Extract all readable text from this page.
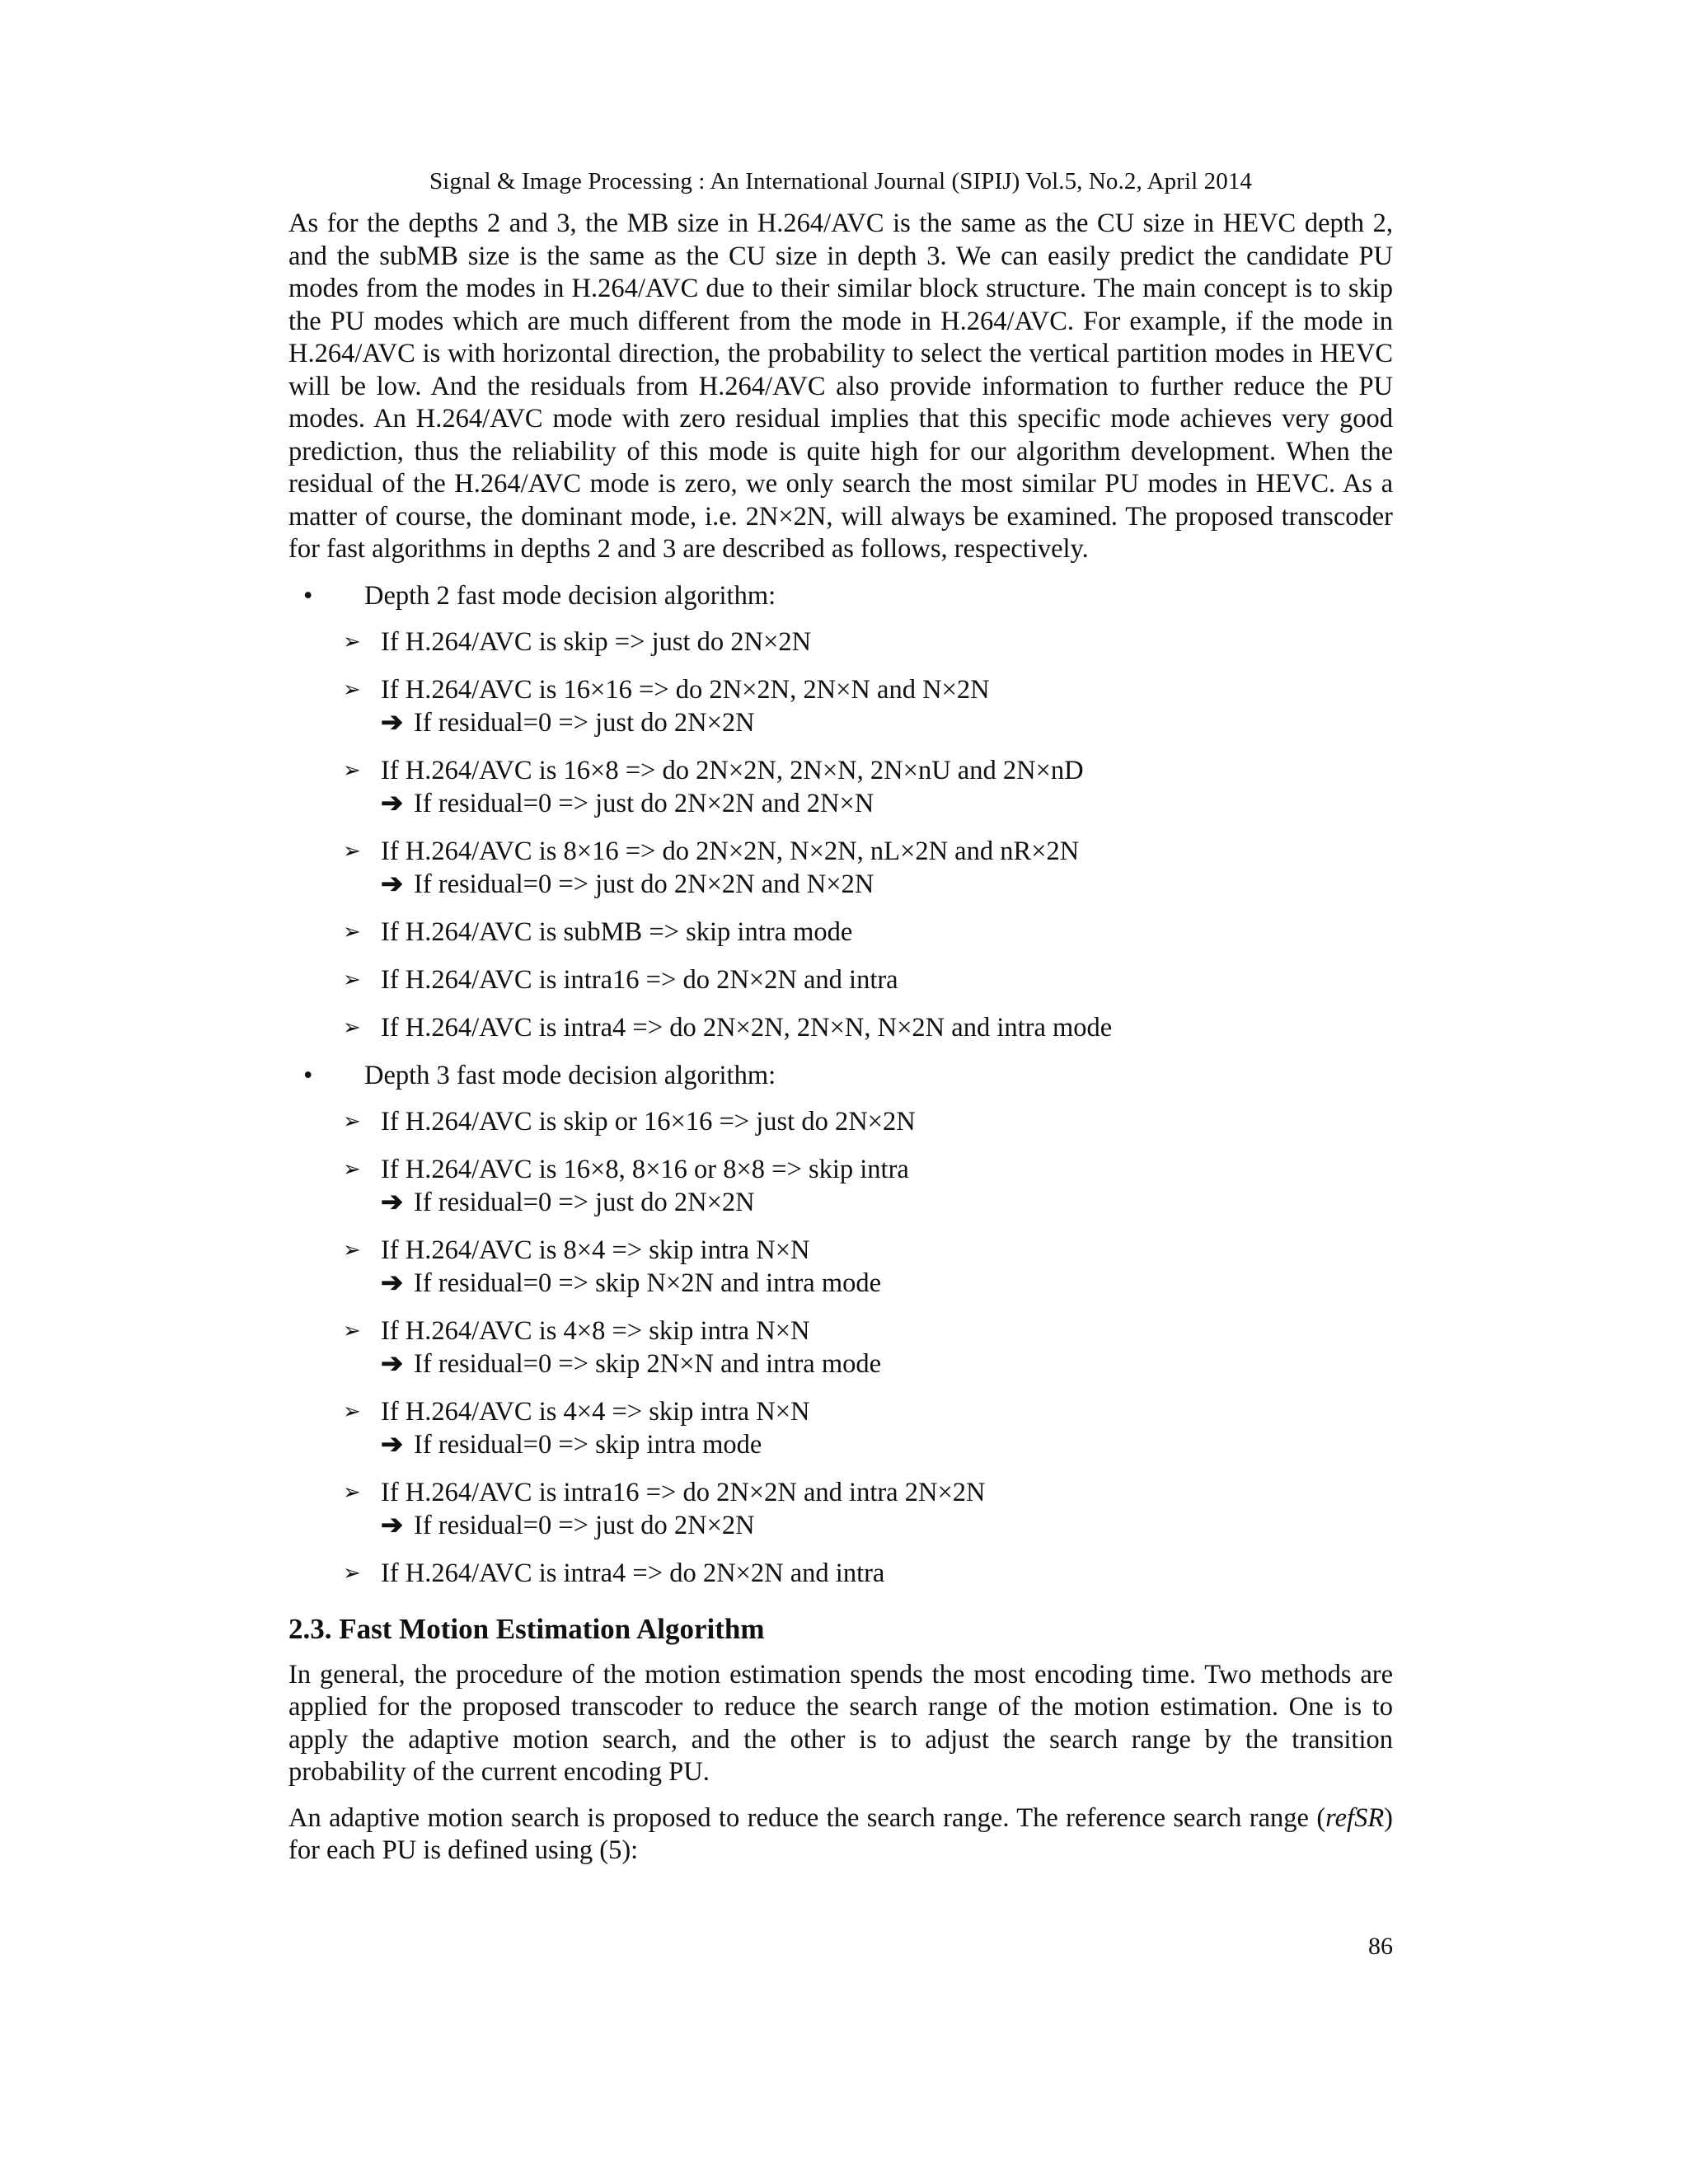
Signal & Image Processing : An International Journal (SIPIJ) Vol.5, No.2, April 2014

As for the depths 2 and 3, the MB size in H.264/AVC is the same as the CU size in HEVC depth 2, and the subMB size is the same as the CU size in depth 3. We can easily predict the candidate PU modes from the modes in H.264/AVC due to their similar block structure. The main concept is to skip the PU modes which are much different from the mode in H.264/AVC. For example, if the mode in H.264/AVC is with horizontal direction, the probability to select the vertical partition modes in HEVC will be low. And the residuals from H.264/AVC also provide information to further reduce the PU modes. An H.264/AVC mode with zero residual implies that this specific mode achieves very good prediction, thus the reliability of this mode is quite high for our algorithm development. When the residual of the H.264/AVC mode is zero, we only search the most similar PU modes in HEVC. As a matter of course, the dominant mode, i.e. 2N×2N, will always be examined. The proposed transcoder for fast algorithms in depths 2 and 3 are described as follows, respectively.

• Depth 2 fast mode decision algorithm:
➢ If H.264/AVC is skip => just do 2N×2N
➢ If H.264/AVC is 16×16 => do 2N×2N, 2N×N and N×2N
➔ If residual=0 => just do 2N×2N
➢ If H.264/AVC is 16×8 => do 2N×2N, 2N×N, 2N×nU and 2N×nD
➔ If residual=0 => just do 2N×2N and 2N×N
➢ If H.264/AVC is 8×16 => do 2N×2N, N×2N, nL×2N and nR×2N
➔ If residual=0 => just do 2N×2N and N×2N
➢ If H.264/AVC is subMB => skip intra mode
➢ If H.264/AVC is intra16 => do 2N×2N and intra
➢ If H.264/AVC is intra4 => do 2N×2N, 2N×N, N×2N and intra mode
• Depth 3 fast mode decision algorithm:
➢ If H.264/AVC is skip or 16×16 => just do 2N×2N
➢ If H.264/AVC is 16×8, 8×16 or 8×8 => skip intra
➔ If residual=0 => just do 2N×2N
➢ If H.264/AVC is 8×4 => skip intra N×N
➔ If residual=0 => skip N×2N and intra mode
➢ If H.264/AVC is 4×8 => skip intra N×N
➔ If residual=0 => skip 2N×N and intra mode
➢ If H.264/AVC is 4×4 => skip intra N×N
➔ If residual=0 => skip intra mode
➢ If H.264/AVC is intra16 => do 2N×2N and intra 2N×2N
➔ If residual=0 => just do 2N×2N
➢ If H.264/AVC is intra4 => do 2N×2N and intra
2.3. Fast Motion Estimation Algorithm

In general, the procedure of the motion estimation spends the most encoding time. Two methods are applied for the proposed transcoder to reduce the search range of the motion estimation. One is to apply the adaptive motion search, and the other is to adjust the search range by the transition probability of the current encoding PU.

An adaptive motion search is proposed to reduce the search range. The reference search range (refSR) for each PU is defined using (5):

86
